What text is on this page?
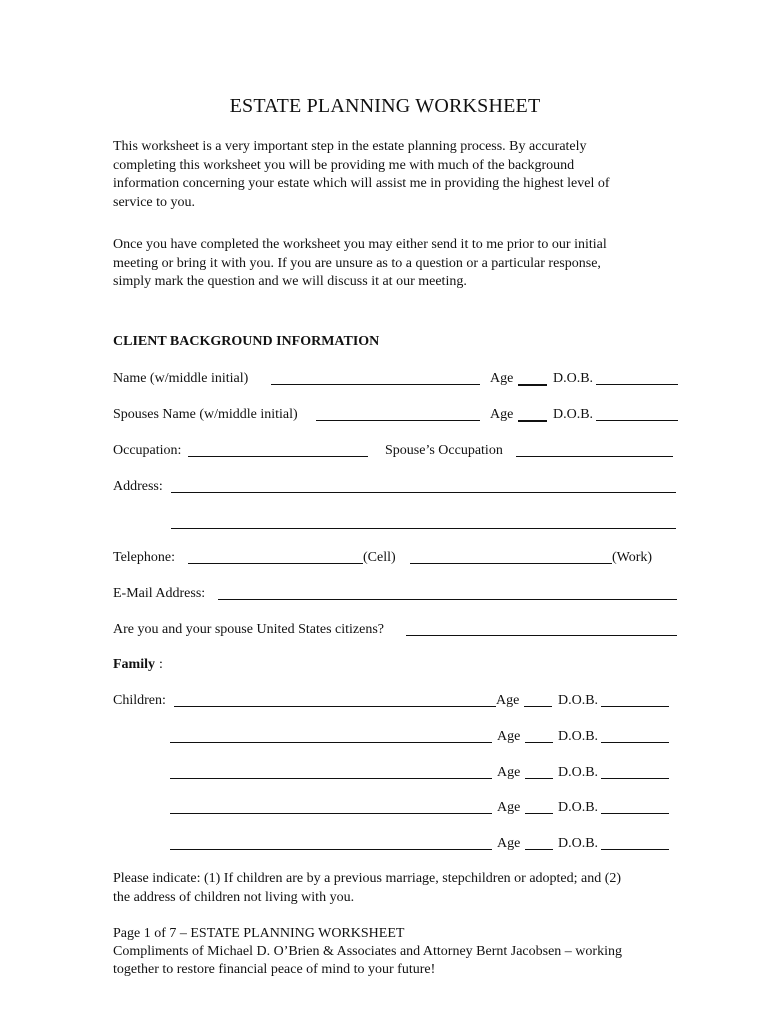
ESTATE PLANNING WORKSHEET

This worksheet is a very important step in the estate planning process. By accurately

completing this worksheet you will be providing me with much of the background

information concerning your estate which will assist me in providing the highest level of

service to you.

Once you have completed the worksheet you may either send it to me prior to our initial

meeting or bring it with you. If you are unsure as to a question or a particular response,

simply mark the question and we will discuss it at our meeting.

CLIENT BACKGROUND INFORMATION
Name (w/middle initial)	Age	D.O.B.
Spouses Name (w/middle initial)	Age	D.O.B.
Occupation:	Spouse’s Occupation
Address:
Telephone:	(Cell)	(Work)
E-Mail Address:
Are you and your spouse United States citizens?
Family :
Children:	Age	D.O.B.
Age	D.O.B.
Age	D.O.B.
Age	D.O.B.
Age	D.O.B.

Please indicate: (1) If children are by a previous marriage, stepchildren or adopted; and (2)

the address of children not living with you.

Page 1 of 7 – ESTATE PLANNING WORKSHEET
Compliments of Michael D. O’Brien & Associates and Attorney Bernt Jacobsen – working
together to restore financial peace of mind to your future!
